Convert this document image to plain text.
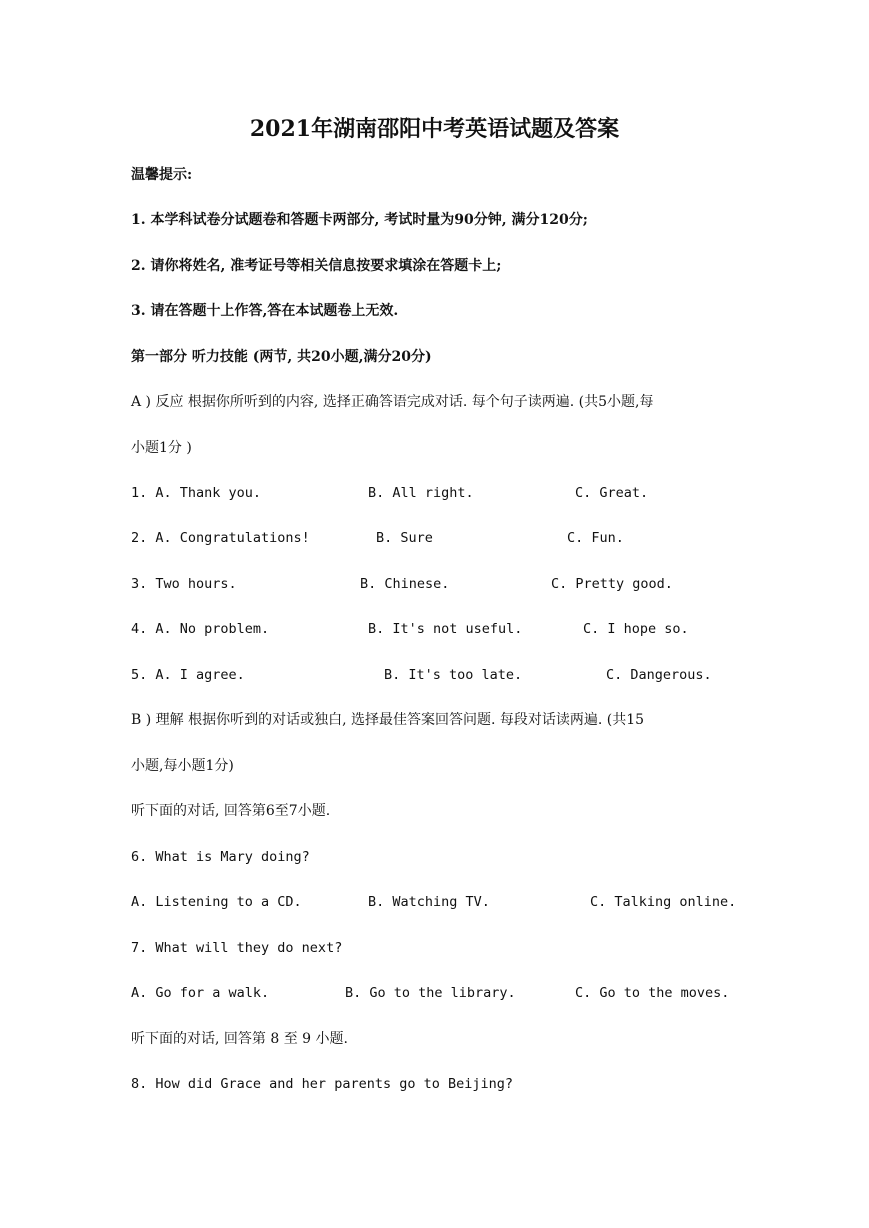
2021年湖南邵阳中考英语试题及答案
温馨提示:
1. 本学科试卷分试题卷和答题卡两部分, 考试时量为90分钟, 满分120分;
2. 请你将姓名, 准考证号等相关信息按要求填涂在答题卡上;
3. 请在答题十上作答,答在本试题卷上无效.
第一部分 听力技能 (两节, 共20小题,满分20分)
A ) 反应 根据你所听到的内容, 选择正确答语完成对话. 每个句子读两遍. (共5小题,每
小题1分 )
1. A. Thank you.	B. All right.	C. Great.
2. A. Congratulations!	B. Sure	C. Fun.
3. Two hours.	B. Chinese.	C. Pretty good.
4. A. No problem.	B. It's not useful.	C. I hope so.
5. A. I agree.	B. It's too late.	C. Dangerous.
B ) 理解 根据你听到的对话或独白, 选择最佳答案回答问题. 每段对话读两遍. (共15
小题,每小题1分)
听下面的对话, 回答第6至7小题.
6. What is Mary doing?
A. Listening to a CD.	B. Watching TV.	C. Talking online.
7. What will they do next?
A. Go for a walk.	B. Go to the library.	C. Go to the moves.
听下面的对话, 回答第 8 至 9 小题.
8. How did Grace and her parents go to Beijing?
